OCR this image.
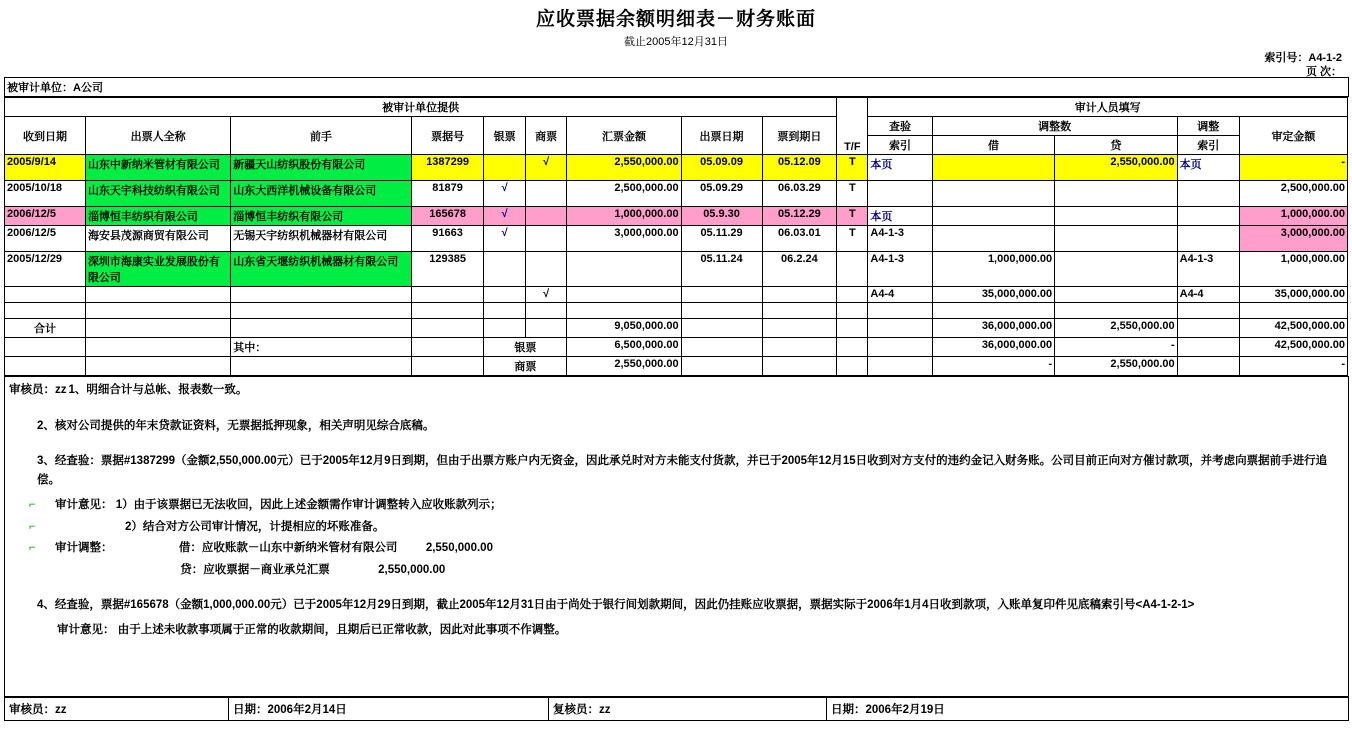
应收票据余额明细表－财务账面
截止2005年12月31日
索引号：A4-1-2
页 次：
被审计单位：A公司
被审计单位提供									T/F	审计人员填写				
收到日期	出票人全称	前手	票据号	银票	商票	汇票金额	出票日期	票到期日		查验	调整数		调整	审定金额
										索引	借	贷	索引	
2005/9/14	山东中新纳米管材有限公司	新疆天山纺织股份有限公司	1387299		√	2,550,000.00	05.09.09	05.12.09	T	本页		2,550,000.00	本页	-
2005/10/18	山东天宇科技纺织有限公司	山东大西洋机械设备有限公司	81879	√		2,500,000.00	05.09.29	06.03.29	T					2,500,000.00
2006/12/5	淄博恒丰纺织有限公司	淄博恒丰纺织有限公司	165678	√		1,000,000.00	05.9.30	05.12.29	T	本页				1,000,000.00
2006/12/5	海安县茂源商贸有限公司	无锡天宇纺织机械器材有限公司	91663	√		3,000,000.00	05.11.29	06.03.01	T	A4-1-3				3,000,000.00
2005/12/29	深圳市海康实业发展股份有限公司	山东省天堰纺织机械器材有限公司	129385				05.11.24	06.2.24		A4-1-3	1,000,000.00		A4-1-3	1,000,000.00
					√					A4-4	35,000,000.00		A4-4	35,000,000.00

合计						9,050,000.00					36,000,000.00	2,550,000.00		42,500,000.00
		其中：		银票		6,500,000.00					36,000,000.00	-		42,500,000.00
				商票		2,550,000.00					-	2,550,000.00		-
审核员：zz 1、明细合计与总帐、报表数一致。
2、核对公司提供的年末贷款证资料，无票据抵押现象，相关声明见综合底稿。
3、经查验：票据#1387299（金额2,550,000.00元）已于2005年12月9日到期，但由于出票方账户内无资金，因此承兑时对方未能支付货款，并已于2005年12月15日收到对方支付的违约金记入财务账。公司目前正向对方催讨款项，并考虑向票据前手进行追偿。
⌐ 审计意见： 1）由于该票据已无法收回，因此上述金额需作审计调整转入应收账款列示；
⌐	2）结合对方公司审计情况，计提相应的坏账准备。
⌐ 审计调整：	借：应收账款－山东中新纳米管材有限公司 2,550,000.00
贷：应收票据－商业承兑汇票	2,550,000.00
4、经查验，票据#165678（金额1,000,000.00元）已于2005年12月29日到期，截止2005年12月31日由于尚处于银行间划款期间，因此仍挂账应收票据，票据实际于2006年1月4日收到款项，入账单复印件见底稿索引号<A4-1-2-1>
审计意见： 由于上述未收款事项属于正常的收款期间，且期后已正常收款，因此对此事项不作调整。
审核员：zz	日期：2006年2月14日	复核员：zz	日期：2006年2月19日
